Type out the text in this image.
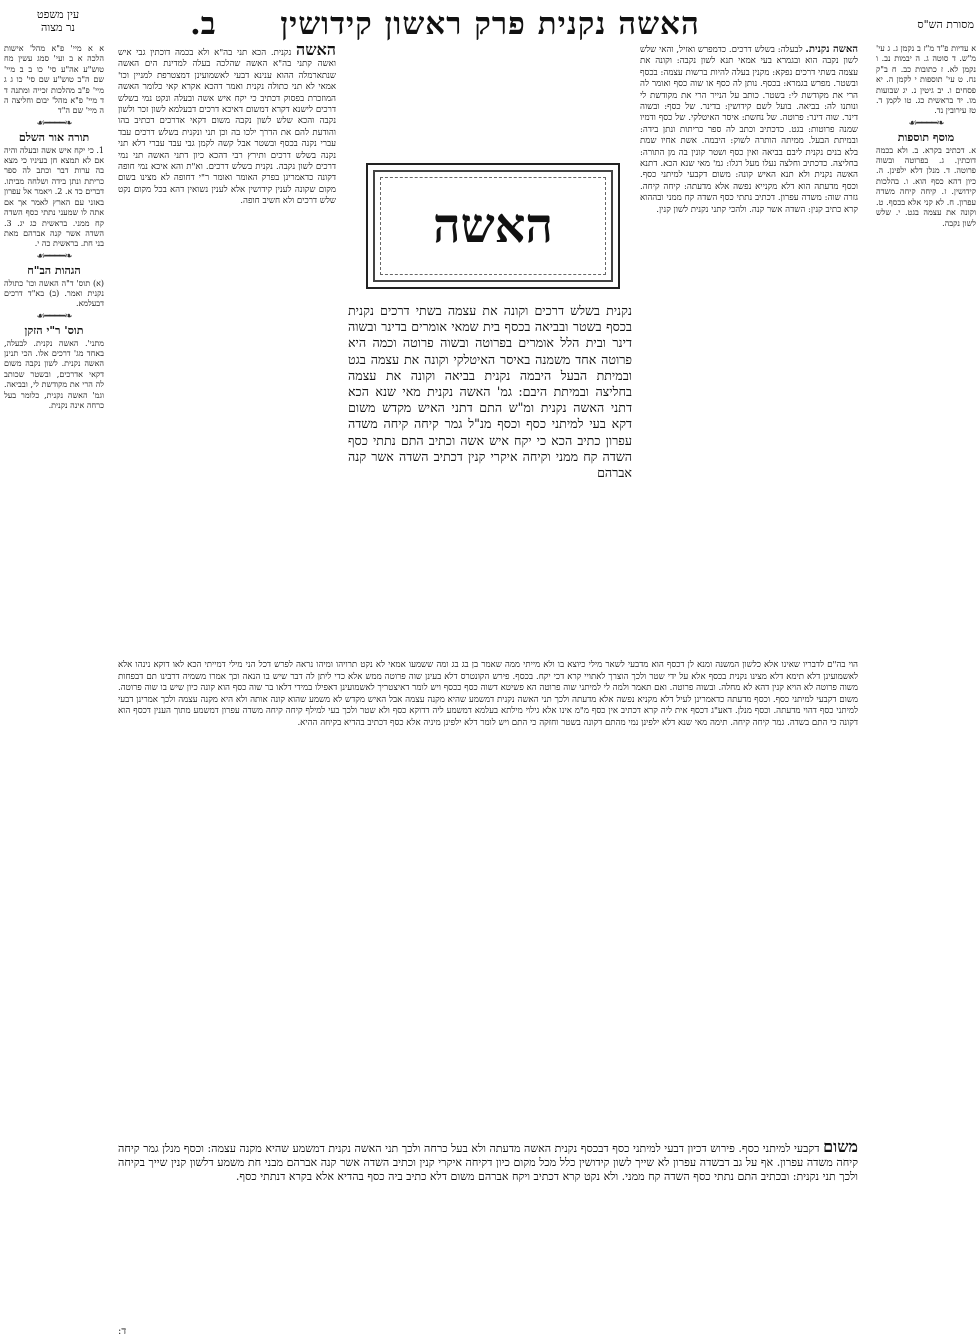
מסורת הש"ס
האשה נקנית פרק ראשון קידושין
ב.
עין משפט
נר מצוה
א עדיות פ"ד מ"ז ב נקמן ג. ג עי' מ"ש. ד סוטה ג. ה יבמות נב. ו נקמן לא. ז כתובות כב. ח ב"ק נח. ט עי' תוספות י לקמן ה. יא פסחים ו. יב גיטין נ. יג שבועות מו. יד בראשית כג. טו לקמן ד. טז עירובין נד.
❧━━━━☙
מוסף תוספות
א. דכתיב בקרא. ב. ולא בכמה דוכתין. ג. בפרוטה ובשוה פרוטה. ד. מנלן דלא ילפינן. ה. כיון דהא כסף הוא. ו. בהלכות קידושין. ז. קיחה קיחה משדה עפרון. ח. לא קני אלא בכסף. ט. וקונה את עצמה בגט. י. שלש לשון נקבה.
א א מיי' פ"א מהל' אישות הלכה א ב ועי' סמג עשין מח טוש"ע אה"ע סי' כו ב ב מיי' שם ה"ב טוש"ע שם סי' כו ג ג מיי' פ"ב מהלכות זכייה ומתנה ד ד מיי' פ"א מהל' יבום וחליצה ה ה מיי' שם ה"ד
❧━━━━☙
תורה אור השלם
1. כי יקח איש אשה ובעלה והיה אם לא תמצא חן בעיניו כי מצא בה ערות דבר וכתב לה ספר כריתת ונתן בידה ושלחה מביתו. דברים כד א. 2. ויאמר אל עפרון באזני עם הארץ לאמר אך אם אתה לו שמעני נתתי כסף השדה קח ממני. בראשית כג יג. 3. השדה אשר קנה אברהם מאת בני חת. בראשית כה י.
❧━━━━☙
הגהות הב"ח
(א) תוס' ד"ה האשה וכו' כתולה נקנית ואמר. (ב) בא"ד דרכים דבעלמא.
❧━━━━☙
תוס' ר"י הזקן
מתני'. האשה נקנית. לבעלה, באחד מג' דרכים אלו. הכי תנינן האשה נקנית. לשון נקבה משום דקאי אדרכים, ובשטר שכותב לה הרי את מקודשת לי, ובביאה. וגמ' האשה נקנית, כלומר בעל כרחה אינה נקנית.
האשה נקנית. לבעלה: בשלש דרכים. כדמפרש ואזיל, והאי שלש לשון נקבה הוא ובגמרא בעי אמאי תנא לשון נקבה: וקונה את עצמה בשתי דרכים נפקא: מקנין בעלה להיות ברשות עצמה: בכסף ובשטר. מפרש בגמרא: בכסף. נותן לה כסף או שוה כסף ואומר לה הרי את מקודשת לי: בשטר. כותב על הנייר הרי את מקודשת לי ונותנו לה: בביאה. בועל לשם קידושין: בדינר. של כסף: ובשוה דינר. שוה דינר: פרוטה. של נחשת: איסר האיטלקי. של כסף ודמיו שמנה פרוטות: בגט. כדכתיב וכתב לה ספר כריתות ונתן בידה: ובמיתת הבעל. ממיתה הותרה לשוק: היבמה. אשת אחיו שמת בלא בנים נקנית ליבם בביאה ואין כסף ושטר קונין בה מן התורה: בחליצה. כדכתיב וחלצה נעלו מעל רגלו: גמ' מאי שנא הכא. דתנא האשה נקנית ולא תנא האיש קונה: משום דקבעי למיתני כסף. וכסף מדעתה הוא דלא מקנייא נפשה אלא מדעתה: קיחה קיחה. גזרה שוה: משדה עפרון. דכתיב נתתי כסף השדה קח ממני ובההוא קרא כתיב קנין: השדה אשר קנה. ולהכי קתני נקנית לשון קנין.
האשה נקנית. הכא תני בה"א ולא בכמה דוכתין גבי איש ואשה קתני בה"א האשה שהלכה בעלה למדינת הים האשה שנתארמלה ההוא ענינא דבעי לאשמועינן דמצטרפת למניין וכו' אמאי לא תני כתולה נקנית ואמר דהכא אקרא קאי כלומר האשה המוזכרת בפסוק דכתיב כי יקח איש אשה ובעלה ונקט נמי בשלש דרכים לישנא דקרא דמשום דאיכא דרכים דבעלמא לשון זכר ולשון נקבה והכא שלש לשון נקבה משום דקאי אדרכים דכתיב בהו והודעת להם את הדרך ילכו בה וכן תני ונקנית בשלש דרכים עבד עברי נקנה בכסף ובשטר אבל קשה לקמן גבי עבד עברי דלא תני נקנה בשלש דרכים ותירץ רבי דהכא כיון דתני האשה תני נמי דרכים לשון נקבה. נקנית בשלש דרכים. וא"ת והא איכא נמי חופה דקונה כדאמרינן בפרק האומר ואומר ר"י דחופה לא מצינו בשום מקום שקונה לענין קידושין אלא לענין נשואין דהא בכל מקום נקט שלש דרכים ולא חשיב חופה. האשה
נקנית בשלש דרכים וקונה את עצמה בשתי דרכים נקנית בכסף בשטר ובביאה בכסף בית שמאי אומרים בדינר ובשוה דינר ובית הלל אומרים בפרוטה ובשוה פרוטה וכמה היא פרוטה אחד משמנה באיסר האיטלקי וקונה את עצמה בגט ובמיתת הבעל היבמה נקנית בביאה וקונה את עצמה בחליצה ובמיתת היבם: גמ' האשה נקנית מאי שנא הכא דתני האשה נקנית ומ"ש התם דתני האיש מקדש משום דקא בעי למיתני כסף וכסף מנ"ל גמר קיחה קיחה משדה עפרון כתיב הכא כי יקח איש אשה וכתיב התם נתתי כסף השדה קח ממני וקיחה איקרי קנין דכתיב השדה אשר קנה אברהם
הוי בה"ם לדבריו שאינו אלא כלשון המשנה ומנא לן דכסף הוא מדבעי לשאר מילי כיוצא בו ולא מייתי ממה שאמר בן בג בג ומה ששמעו אמאי לא נקט תרויהו ומיהו נראה לפרש דכל הני מילי דמייתי הכא לאו דוקא נינהו אלא לאשמועינן דלא תימא דלא מצינו נקנית בכסף אלא על ידי שטר ולכך הוצרך לאתויי קרא דכי יקח. בכסף. פירש הקונטרס דלא בעינן שוה פרוטה ממש אלא כדי ליתן לה דבר שיש בו הנאה וכך אמרו משמיה דרבינו תם דבפחות משוה פרוטה לא הויא קנין דהא לא מחלה. ובשוה פרוטה. ואם תאמר ולמה לי למיתני שוה פרוטה הא פשיטא דשוה כסף ככסף ויש לומר דאיצטריך לאשמועינן דאפילו במידי דלאו בר שוה כסף הוא קונה כיון שיש בו שוה פרוטה. משום דקבעי למיתני כסף. וכסף מדעתה כדאמרינן לעיל דלא מקניא נפשה אלא מדעתה ולכך תני האשה נקנית דמשמע שהיא מקנה עצמה אבל האיש מקדש לא משמע שהוא קונה אותה ולא היא מקנה עצמה ולכך אמרינן דבעי למיתני כסף דהוי מדעתה. וכסף מנלן. דאע"ג דכסף אית ליה קרא דכתיב אין כסף מ"מ אינו אלא גילוי מילתא בעלמא דמשמע ליה דדוקא כסף ולא שטר ולכך בעי למילף קיחה קיחה משדה עפרון דמשמע מתוך הענין דכסף הוא דקונה כי התם בשדה. גמר קיחה קיחה. תימה מאי שנא דלא ילפינן נמי מהתם דקונה בשטר וחזקה כי התם ויש לומר דלא ילפינן מיניה אלא כסף דכתיב בהדיא בקיחה ההיא.
משום דקבעי למיתני כסף. פירוש דכיון דבעי למיתני כסף דבכסף נקנית האשה מדעתה ולא בעל כרחה ולכך תני האשה נקנית דמשמע שהיא מקנה עצמה: וכסף מנלן גמר קיחה קיחה משדה עפרון. אף על גב דבשדה עפרון לא שייך לשון קידושין כלל מכל מקום כיון דקיחה איקרי קנין וכתיב השדה אשר קנה אברהם מבני חת משמע דלשון קנין שייך בקיחה ולכך תני נקנית: ובכתיב התם נתתי כסף השדה קח ממני. ולא נקט קרא דכתיב ויקח אברהם משום דלא כתיב ביה כסף בהדיא אלא בקרא דנתתי כסף.
ד:
